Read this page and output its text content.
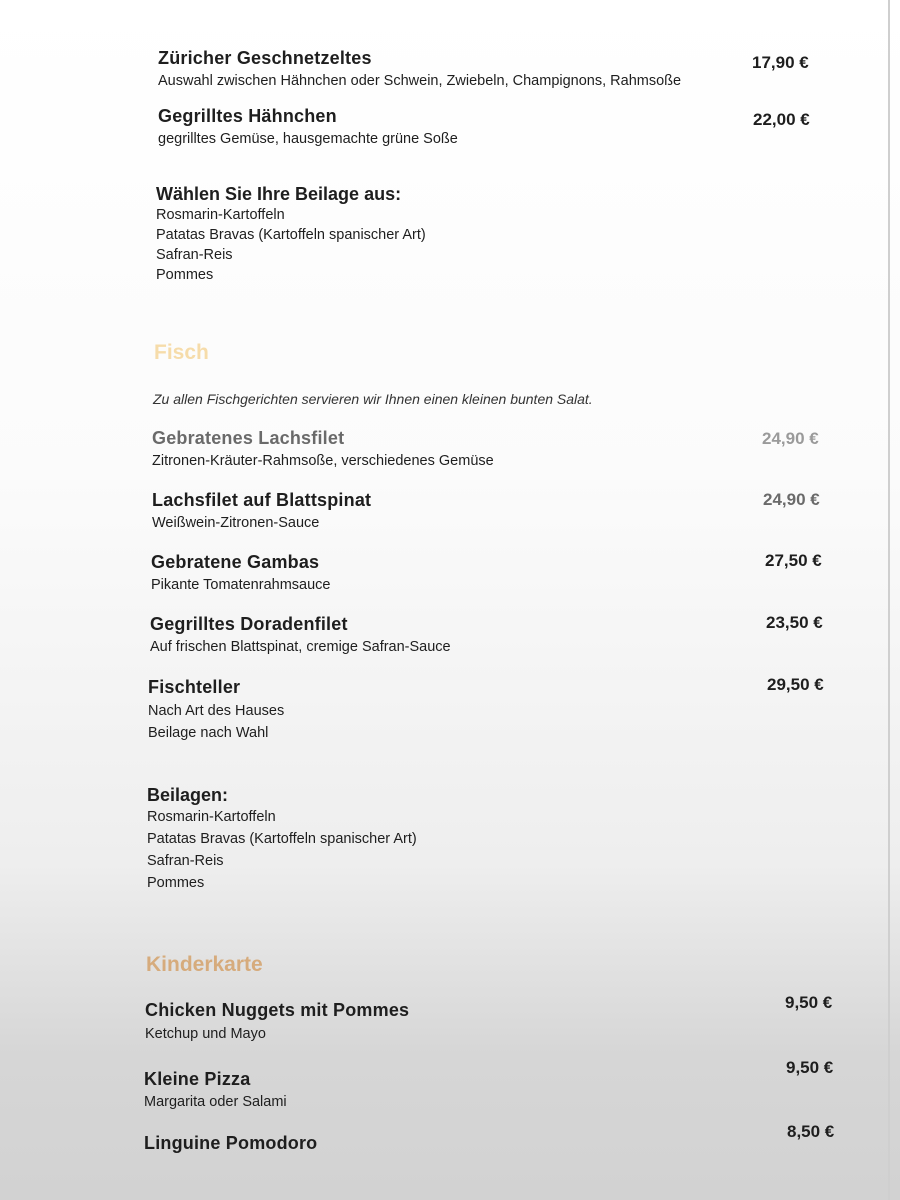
Züricher Geschnetzeltes
Auswahl zwischen Hähnchen oder Schwein, Zwiebeln, Champignons, Rahmsoße
17,90 €
Gegrilltes Hähnchen
gegrilltes Gemüse, hausgemachte grüne Soße
22,00 €
Wählen Sie Ihre Beilage aus:
Rosmarin-Kartoffeln
Patatas Bravas (Kartoffeln spanischer Art)
Safran-Reis
Pommes
Fisch
Zu allen Fischgerichten servieren wir Ihnen einen kleinen bunten Salat.
Gebratenes Lachsfilet
Zitronen-Kräuter-Rahmsoße, verschiedenes Gemüse
24,90 €
Lachsfilet auf Blattspinat
Weißwein-Zitronen-Sauce
24,90 €
Gebratene Gambas
Pikante Tomatenrahmsauce
27,50 €
Gegrilltes Doradenfilet
Auf frischen Blattspinat, cremige Safran-Sauce
23,50 €
Fischteller
Nach Art des Hauses
Beilage nach Wahl
29,50 €
Beilagen:
Rosmarin-Kartoffeln
Patatas Bravas (Kartoffeln spanischer Art)
Safran-Reis
Pommes
Kinderkarte
Chicken Nuggets mit Pommes
Ketchup und Mayo
9,50 €
Kleine Pizza
Margarita oder Salami
9,50 €
Linguine Pomodoro
8,50 €
